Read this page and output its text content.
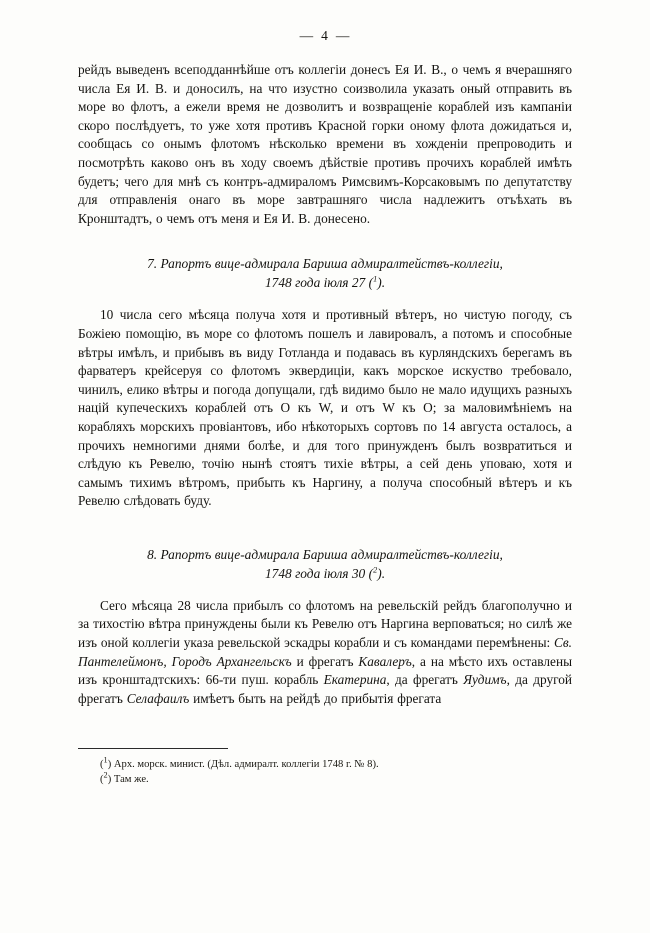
— 4 —

рейдъ выведенъ всеподданнѣйше отъ коллегіи донесъ Ея И. В., о чемъ я вчерашняго числа Ея И. В. и доносилъ, на что изустно соизволила указать оный отправить въ море во флотъ, а ежели время не дозволитъ и возвращеніе кораблей изъ кампаніи скоро послѣдуетъ, то уже хотя противъ Красной горки оному флота дожидаться и, сообщась со онымъ флотомъ нѣсколько времени въ хожденіи препроводить и посмотрѣть каково онъ въ ходу своемъ дѣйствіе противъ прочихъ кораблей имѣть будетъ; чего для мнѣ съ контръ-адмираломъ Римсвимъ-Корсаковымъ по депутатству для отправленія онаго въ море завтрашняго числа надлежитъ отъѣхать въ Кронштадтъ, о чемъ отъ меня и Ея И. В. донесено.

7. Рапортъ вице-адмирала Бариша адмиралтействъ-коллегіи,
1748 года іюля 27 ($^1$).

10 числа сего мѣсяца получа хотя и противный вѣтеръ, но чистую погоду, съ Божіею помощію, въ море со флотомъ пошелъ и лавировалъ, а потомъ и способные вѣтры имѣлъ, и прибывъ въ виду Готланда и подавась въ курляндскихъ берегамъ въ фарватеръ крейсеруя со флотомъ эквердиціи, какъ морское искуство требовало, чинилъ, елико вѣтры и погода допущали, гдѣ видимо было не мало идущихъ разныхъ націй купеческихъ кораблей отъ O къ W, и отъ W къ O; за маловимѣніемъ на корабляхъ морскихъ провіантовъ, ибо нѣкоторыхъ сортовъ по 14 августа осталось, а прочихъ немногими днями болѣе, и для того принужденъ былъ возвратиться и слѣдую къ Ревелю, точію нынѣ стоятъ тихіе вѣтры, а сей день уповаю, хотя и самымъ тихимъ вѣтромъ, прибыть къ Наргину, а получа способный вѣтеръ и къ Ревелю слѣдовать буду.

8. Рапортъ вице-адмирала Бариша адмиралтействъ-коллегіи,
1748 года іюля 30 ($^2$).

Сего мѣсяца 28 числа прибылъ со флотомъ на ревельскій рейдъ благополучно и за тихостію вѣтра принуждены были къ Ревелю отъ Наргина верповаться; но силѣ же изъ оной коллегіи указа ревельской эскадры корабли и съ командами перемѣнены: Св. Пантелеймонъ, Городъ Архангельскъ и фрегатъ Кавалеръ, а на мѣсто ихъ оставлены изъ кронштадтскихъ: 66-ти пуш. корабль Екатерина, да фрегатъ Яудимъ, да другой фрегатъ Селафаилъ имѣетъ быть на рейдѣ до прибытія фрегата

($^1$) Арх. морск. минист. (Дѣл. адмиралт. коллегіи 1748 г. № 8).
($^2$) Там же.
